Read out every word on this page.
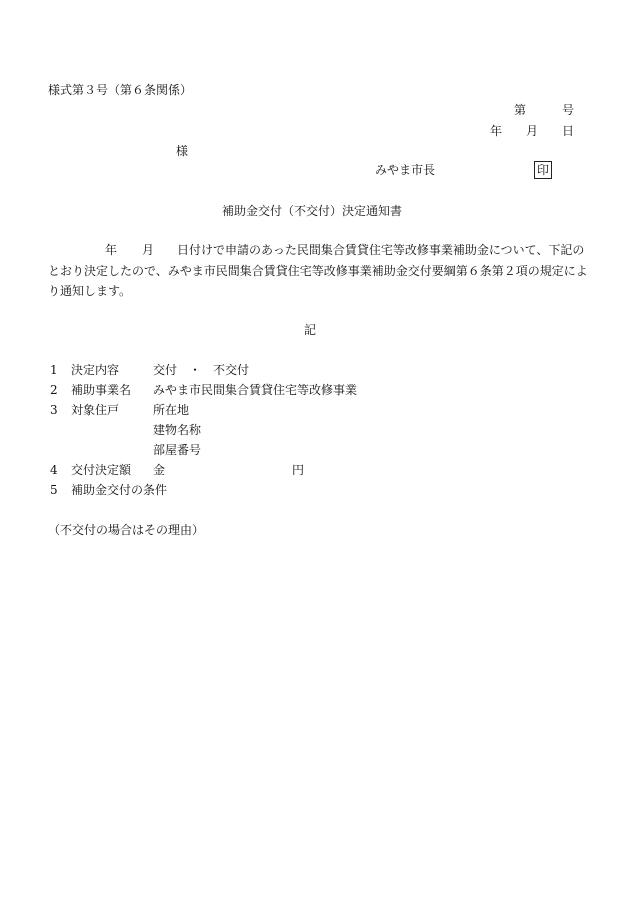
様式第３号（第６条関係）
第	号
年 月 日
様
みやま市長	印
補助金交付（不交付）決定通知書
年 月 日付けで申請のあった民間集合賃貸住宅等改修事業補助金について、下記の
とおり決定したので、みやま市民間集合賃貸住宅等改修事業補助金交付要綱第６条第２項の規定によ
り通知します。
記
1 決定内容	交付　・　不交付
2 補助事業名 みやま市民間集合賃貸住宅等改修事業
3 対象住戸	所在地
建物名称
部屋番号
4 交付決定額 金	円
5 補助金交付の条件
（不交付の場合はその理由）
